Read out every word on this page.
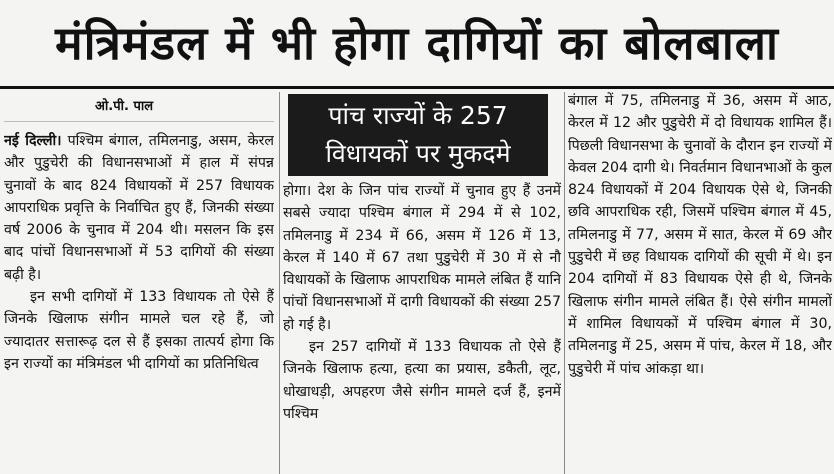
मंत्रिमंडल में भी होगा दागियों का बोलबाला
ओ.पी. पाल	पांच राज्यों के 257
विधायकों पर मुकदमे

नई दिल्ली। पश्चिम बंगाल, तमिलनाडु, असम, केरल और पुडुचेरी की विधानसभाओं में हाल में संपन्न चुनावों के बाद 824 विधायकों में 257 विधायक आपराधिक प्रवृत्ति के निर्वाचित हुए हैं, जिनकी संख्या वर्ष 2006 के चुनाव में 204 थी। मसलन कि इस बाद पांचों विधानसभाओं में 53 दागियों की संख्या बढ़ी है।

इन सभी दागियों में 133 विधायक तो ऐसे हैं जिनके खिलाफ संगीन मामले चल रहे हैं, जो ज्यादातर सत्तारूढ़ दल से हैं इसका तात्पर्य होगा कि इन राज्यों का मंत्रिमंडल भी दागियों का प्रतिनिधित्व

होगा। देश के जिन पांच राज्यों में चुनाव हुए हैं उनमें सबसे ज्यादा पश्चिम बंगाल में 294 में से 102, तमिलनाडु में 234 में 66, असम में 126 में 13, केरल में 140 में 67 तथा पुडुचेरी में 30 में से नौ विधायकों के खिलाफ आपराधिक मामले लंबित हैं यानि पांचों विधानसभाओं में दागी विधायकों की संख्या 257 हो गई है।

इन 257 दागियों में 133 विधायक तो ऐसे हैं जिनके खिलाफ हत्या, हत्या का प्रयास, डकैती, लूट, धोखाधड़ी, अपहरण जैसे संगीन मामले दर्ज हैं, इनमें पश्चिम

बंगाल में 75, तमिलनाडु में 36, असम में आठ, केरल में 12 और पुडुचेरी में दो विधायक शामिल हैं। पिछली विधानसभा के चुनावों के दौरान इन राज्यों में केवल 204 दागी थे। निवर्तमान विधानभाओं के कुल 824 विधायकों में 204 विधायक ऐसे थे, जिनकी छवि आपराधिक रही, जिसमें पश्चिम बंगाल में 45, तमिलनाडु में 77, असम में सात, केरल में 69 और पुडुचेरी में छह विधायक दागियों की सूची में थे। इन 204 दागियों में 83 विधायक ऐसे ही थे, जिनके खिलाफ संगीन मामले लंबित हैं। ऐसे संगीन मामलों में शामिल विधायकों में पश्चिम बंगाल में 30, तमिलनाडु में 25, असम में पांच, केरल में 18, और पुडुचेरी में पांच आंकड़ा था।
